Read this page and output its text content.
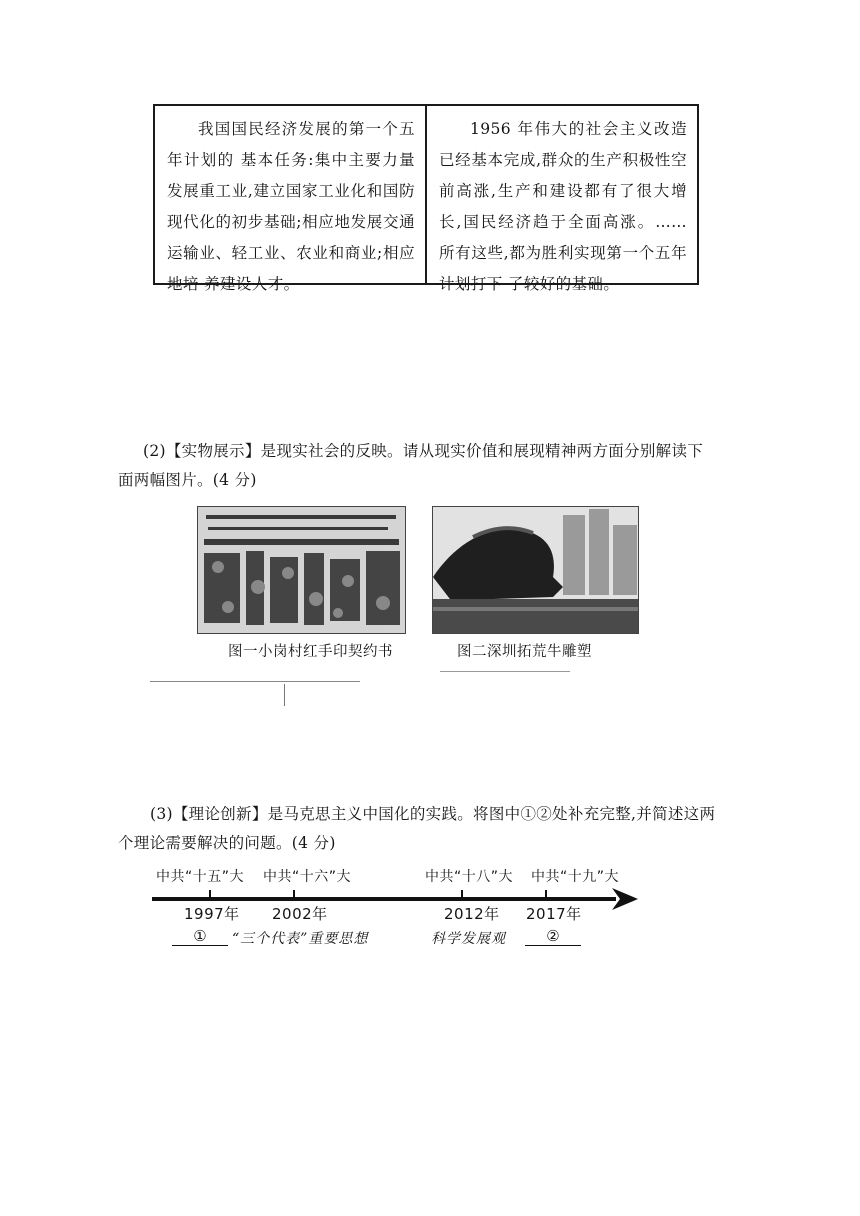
我国国民经济发展的第一个五年计划的 基本任务:集中主要力量发展重工业,建立国家工业化和国防现代化的初步基础;相应地发展交通运输业、轻工业、农业和商业;相应地培 养建设人才。
1956 年伟大的社会主义改造已经基本完成,群众的生产积极性空前高涨,生产和建设都有了很大增长,国民经济趋于全面高涨。…… 所有这些,都为胜利实现第一个五年计划打下 了较好的基础。
(2)【实物展示】是现实社会的反映。请从现实价值和展现精神两方面分别解读下
面两幅图片。(4 分)
图一小岗村红手印契约书	图二深圳拓荒牛雕塑
(3)【理论创新】是马克思主义中国化的实践。将图中①②处补充完整,并简述这两
个理论需要解决的问题。(4 分)
中共“十五”大 中共“十六”大	中共“十八”大 中共“十九”大
1997年 2002年	2012年 2017年
①	“三个代表”重要思想	科学发展观	②
